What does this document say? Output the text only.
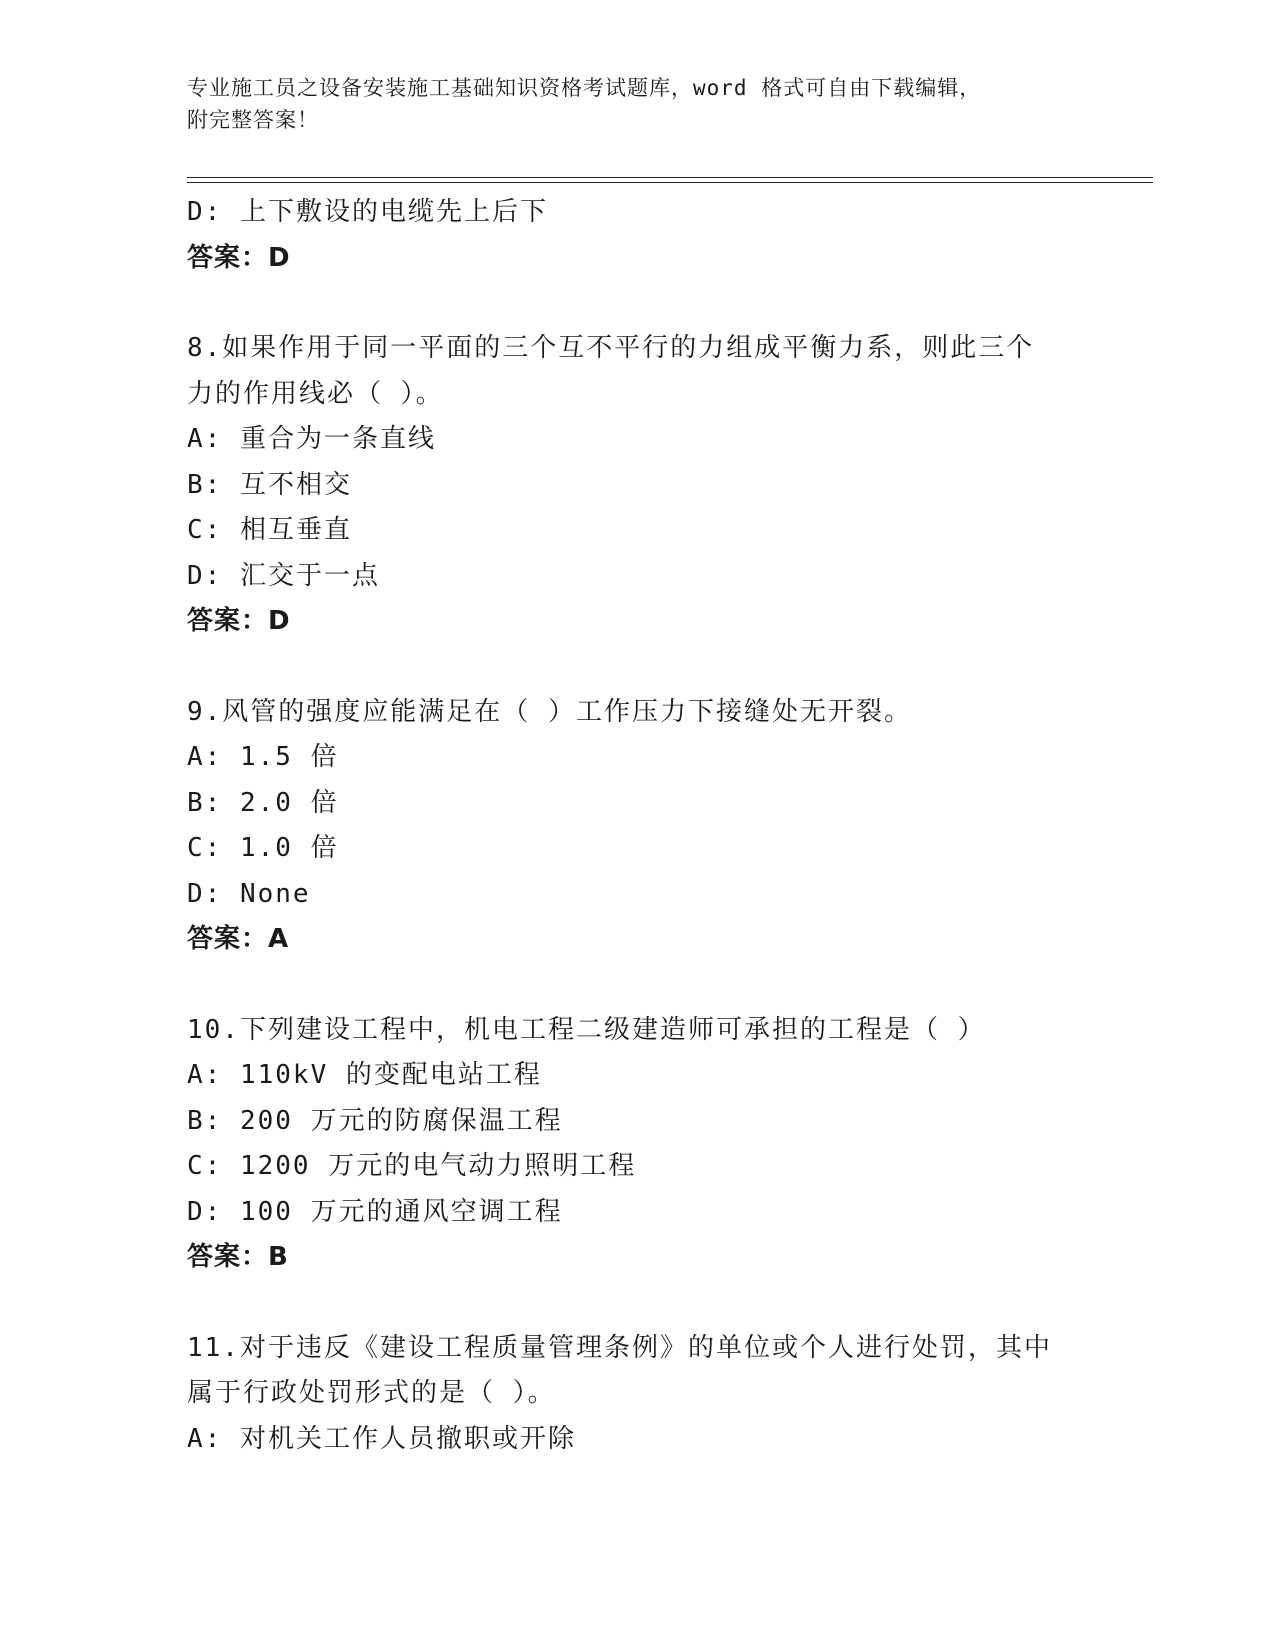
专业施工员之设备安装施工基础知识资格考试题库，word 格式可自由下载编辑，
附完整答案！
D: 上下敷设的电缆先上后下
答案：D
8.如果作用于同一平面的三个互不平行的力组成平衡力系，则此三个
力的作用线必（ ）。
A: 重合为一条直线
B: 互不相交
C: 相互垂直
D: 汇交于一点
答案：D
9.风管的强度应能满足在（ ）工作压力下接缝处无开裂。
A: 1.5 倍
B: 2.0 倍
C: 1.0 倍
D: None
答案：A
10.下列建设工程中，机电工程二级建造师可承担的工程是（ ）
A: 110kV 的变配电站工程
B: 200 万元的防腐保温工程
C: 1200 万元的电气动力照明工程
D: 100 万元的通风空调工程
答案：B
11.对于违反《建设工程质量管理条例》的单位或个人进行处罚，其中
属于行政处罚形式的是（ ）。
A: 对机关工作人员撤职或开除
